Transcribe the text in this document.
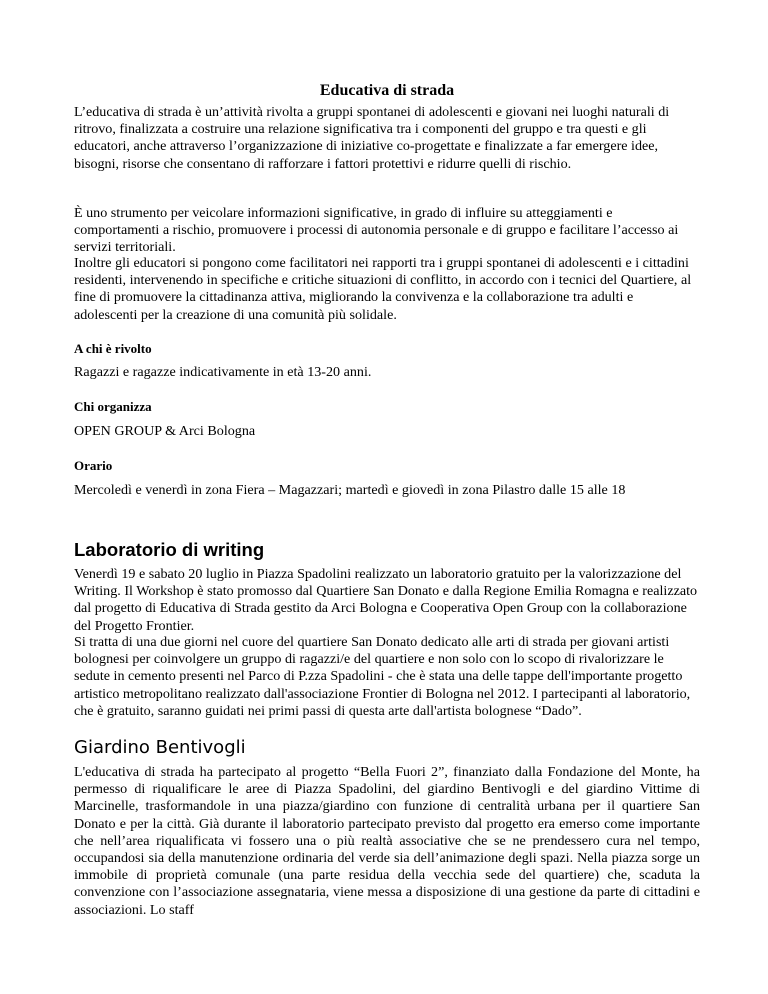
Educativa di strada

L’educativa di strada è un’attività rivolta a gruppi spontanei di adolescenti e giovani nei luoghi naturali di ritrovo, finalizzata a costruire una relazione significativa tra i componenti del gruppo e tra questi e gli educatori, anche attraverso l’organizzazione di iniziative co-progettate e finalizzate a far emergere idee, bisogni, risorse che consentano di rafforzare i fattori protettivi e ridurre quelli di rischio.

È uno strumento per veicolare informazioni significative, in grado di influire su atteggiamenti e comportamenti a rischio, promuovere i processi di autonomia personale e di gruppo e facilitare l’accesso ai servizi territoriali.

Inoltre gli educatori si pongono come facilitatori nei rapporti tra i gruppi spontanei di adolescenti e i cittadini residenti, intervenendo in specifiche e critiche situazioni di conflitto, in accordo con i tecnici del Quartiere, al fine di promuovere la cittadinanza attiva, migliorando la convivenza e la collaborazione tra adulti e adolescenti per la creazione di una comunità più solidale.

A chi è rivolto

Ragazzi e ragazze indicativamente in età 13-20 anni.

Chi organizza

OPEN GROUP & Arci Bologna

Orario

Mercoledì e venerdì in zona Fiera – Magazzari; martedì e giovedì in zona Pilastro dalle 15 alle 18

Laboratorio di writing

Venerdì 19 e sabato 20 luglio in Piazza Spadolini realizzato un laboratorio gratuito per la valorizzazione del Writing. Il Workshop è stato promosso dal Quartiere San Donato e dalla Regione Emilia Romagna e realizzato dal progetto di Educativa di Strada gestito da Arci Bologna e Cooperativa Open Group con la collaborazione del Progetto Frontier.

Si tratta di una due giorni nel cuore del quartiere San Donato dedicato alle arti di strada per giovani artisti bolognesi per coinvolgere un gruppo di ragazzi/e del quartiere e non solo con lo scopo di rivalorizzare le sedute in cemento presenti nel Parco di P.zza Spadolini - che è stata una delle tappe dell'importante progetto artistico metropolitano realizzato dall'associazione Frontier di Bologna nel 2012. I partecipanti al laboratorio, che è gratuito, saranno guidati nei primi passi di questa arte dall'artista bolognese “Dado”.

Giardino Bentivogli

L'educativa di strada ha partecipato al progetto “Bella Fuori 2”, finanziato dalla Fondazione del Monte, ha permesso di riqualificare le aree di Piazza Spadolini, del giardino Bentivogli e del giardino Vittime di Marcinelle, trasformandole in una piazza/giardino con funzione di centralità urbana per il quartiere San Donato e per la città. Già durante il laboratorio partecipato previsto dal progetto era emerso come importante che nell’area riqualificata vi fossero una o più realtà associative che se ne prendessero cura nel tempo, occupandosi sia della manutenzione ordinaria del verde sia dell’animazione degli spazi. Nella piazza sorge un immobile di proprietà comunale (una parte residua della vecchia sede del quartiere) che, scaduta la convenzione con l’associazione assegnataria, viene messa a disposizione di una gestione da parte di cittadini e associazioni. Lo staff
